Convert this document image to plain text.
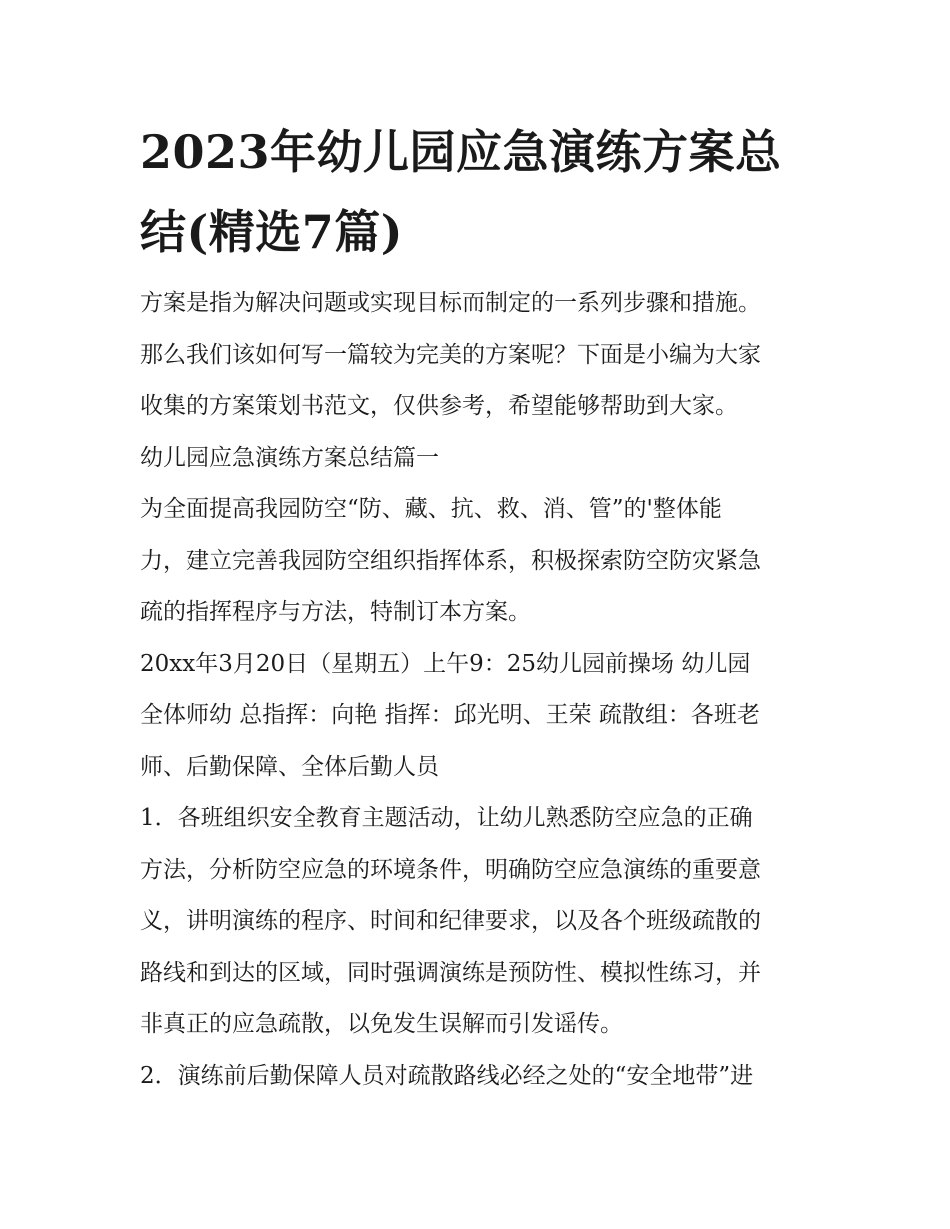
2023年幼儿园应急演练方案总
结(精选7篇)

方案是指为解决问题或实现目标而制定的一系列步骤和措施。

那么我们该如何写一篇较为完美的方案呢？下面是小编为大家

收集的方案策划书范文，仅供参考，希望能够帮助到大家。

幼儿园应急演练方案总结篇一

为全面提高我园防空“防、藏、抗、救、消、管”的'整体能

力，建立完善我园防空组织指挥体系，积极探索防空防灾紧急

疏的指挥程序与方法，特制订本方案。

20xx年3月20日（星期五）上午9：25幼儿园前操场 幼儿园

全体师幼 总指挥：向艳 指挥：邱光明、王荣 疏散组：各班老

师、后勤保障、全体后勤人员

1．各班组织安全教育主题活动，让幼儿熟悉防空应急的正确

方法，分析防空应急的环境条件，明确防空应急演练的重要意

义，讲明演练的程序、时间和纪律要求，以及各个班级疏散的

路线和到达的区域，同时强调演练是预防性、模拟性练习，并

非真正的应急疏散，以免发生误解而引发谣传。

2．演练前后勤保障人员对疏散路线必经之处的“安全地带”进
